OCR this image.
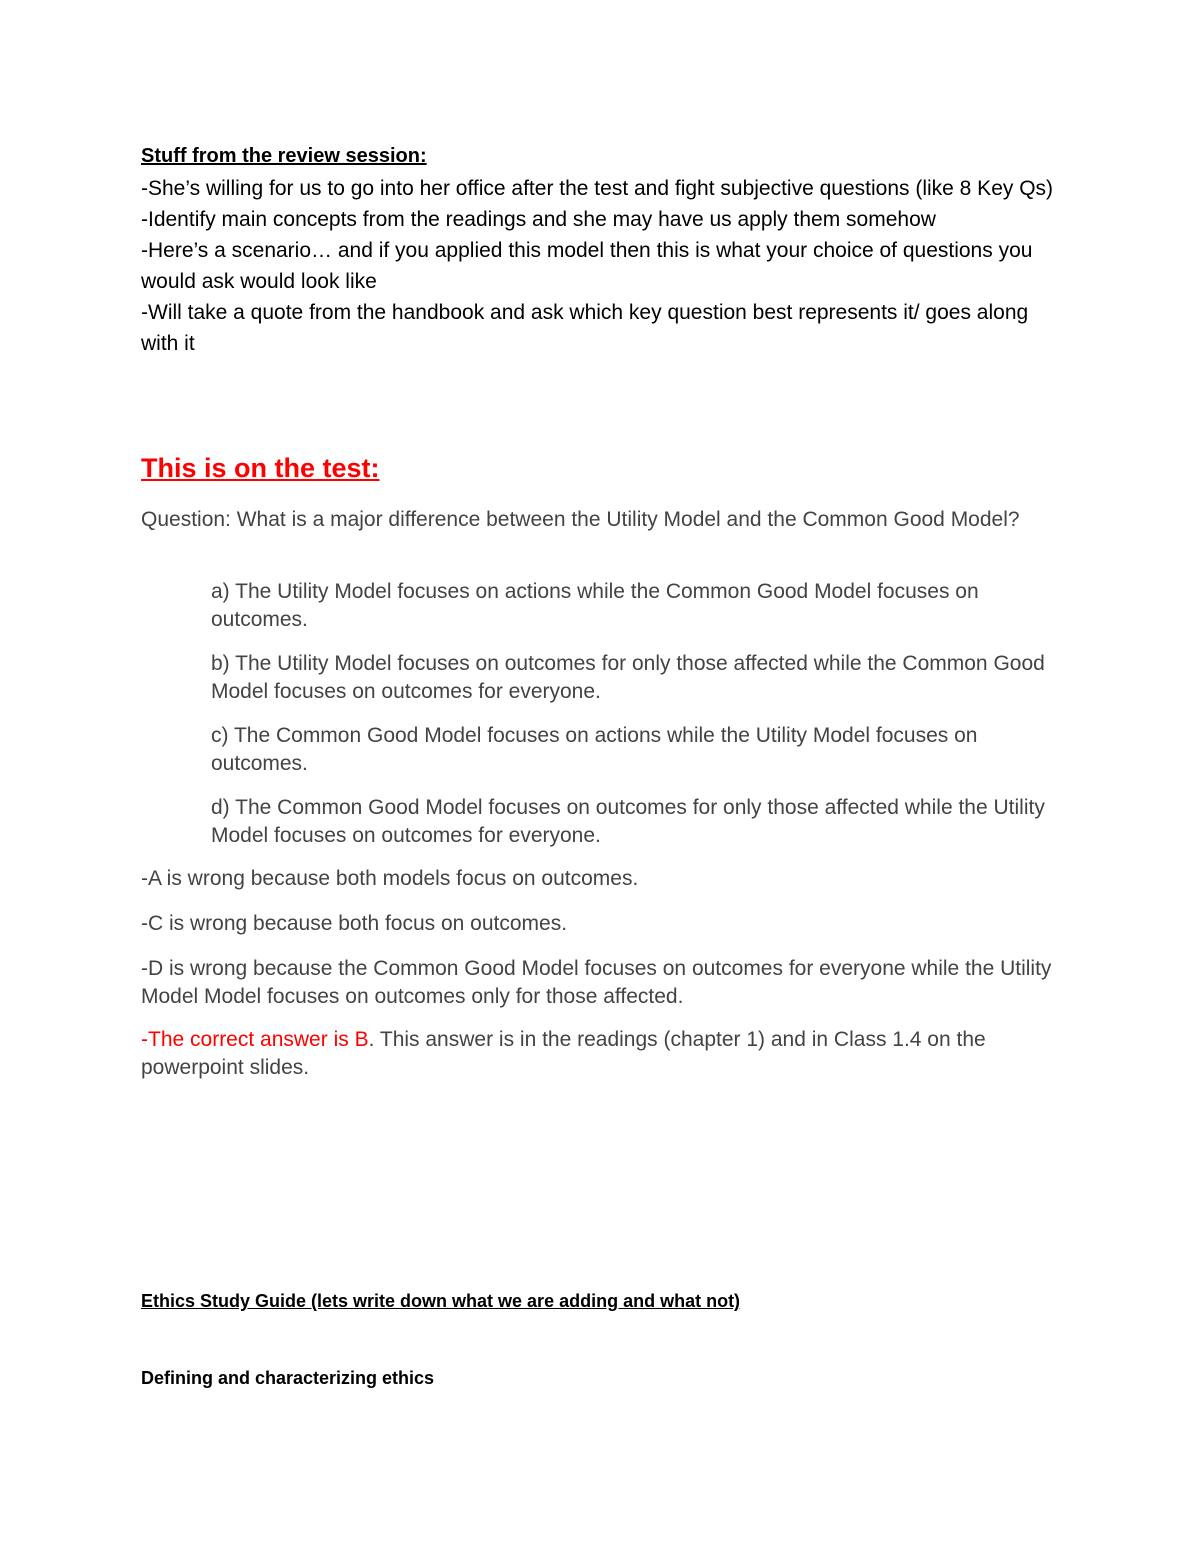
Stuff from the review session:
-She’s willing for us to go into her office after the test and fight subjective questions (like 8 Key Qs)
-Identify main concepts from the readings and she may have us apply them somehow
-Here’s a scenario… and if you applied this model then this is what your choice of questions you would ask would look like
-Will take a quote from the handbook and ask which key question best represents it/ goes along with it
This is on the test:

Question: What is a major difference between the Utility Model and the Common Good Model?

a) The Utility Model focuses on actions while the Common Good Model focuses on outcomes.
b) The Utility Model focuses on outcomes for only those affected while the Common Good Model focuses on outcomes for everyone.
c) The Common Good Model focuses on actions while the Utility Model focuses on outcomes.
d) The Common Good Model focuses on outcomes for only those affected while the Utility Model focuses on outcomes for everyone.
-A is wrong because both models focus on outcomes.
-C is wrong because both focus on outcomes.
-D is wrong because the Common Good Model focuses on outcomes for everyone while the Utility Model Model focuses on outcomes only for those affected.

-The correct answer is B. This answer is in the readings (chapter 1) and in Class 1.4 on the powerpoint slides.

Ethics Study Guide (lets write down what we are adding and what not)
Defining and characterizing ethics
